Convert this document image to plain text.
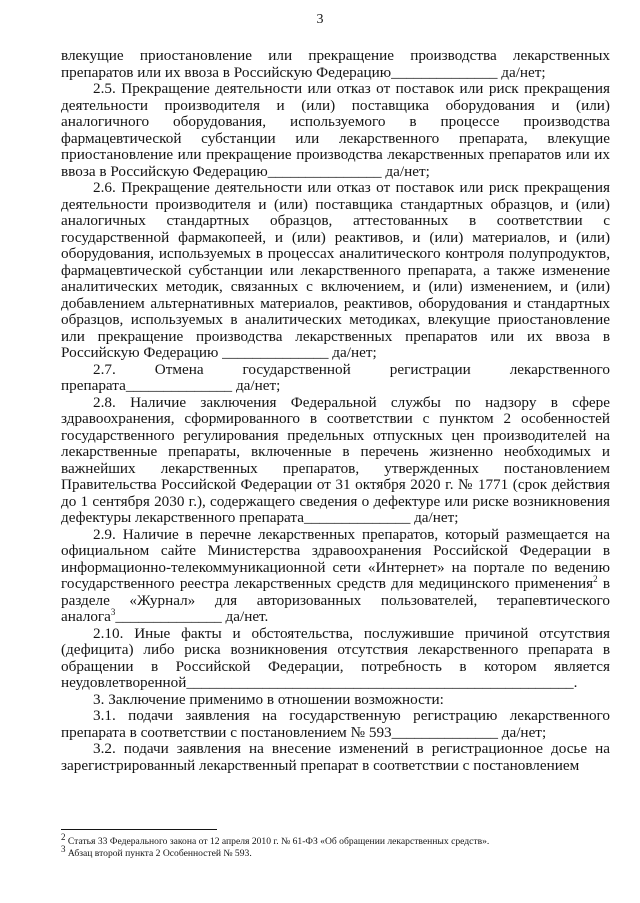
3

влекущие приостановление или прекращение производства лекарственных препаратов или их ввоза в Российскую Федерацию______________ да/нет;

2.5. Прекращение деятельности или отказ от поставок или риск прекращения деятельности производителя и (или) поставщика оборудования и (или) аналогичного оборудования, используемого в процессе производства фармацевтической субстанции или лекарственного препарата, влекущие приостановление или прекращение производства лекарственных препаратов или их ввоза в Российскую Федерацию_______________ да/нет;

2.6. Прекращение деятельности или отказ от поставок или риск прекращения деятельности производителя и (или) поставщика стандартных образцов, и (или) аналогичных стандартных образцов, аттестованных в соответствии с государственной фармакопеей, и (или) реактивов, и (или) материалов, и (или) оборудования, используемых в процессах аналитического контроля полупродуктов, фармацевтической субстанции или лекарственного препарата, а также изменение аналитических методик, связанных с включением, и (или) изменением, и (или) добавлением альтернативных материалов, реактивов, оборудования и стандартных образцов, используемых в аналитических методиках, влекущие приостановление или прекращение производства лекарственных препаратов или их ввоза в Российскую Федерацию ______________ да/нет;

2.7. Отмена государственной регистрации лекарственного препарата______________ да/нет;

2.8. Наличие заключения Федеральной службы по надзору в сфере здравоохранения, сформированного в соответствии с пунктом 2 особенностей государственного регулирования предельных отпускных цен производителей на лекарственные препараты, включенные в перечень жизненно необходимых и важнейших лекарственных препаратов, утвержденных постановлением Правительства Российской Федерации от 31 октября 2020 г. № 1771 (срок действия до 1 сентября 2030 г.), содержащего сведения о дефектуре или риске возникновения дефектуры лекарственного препарата______________ да/нет;

2.9. Наличие в перечне лекарственных препаратов, который размещается на официальном сайте Министерства здравоохранения Российской Федерации в информационно-телекоммуникационной сети «Интернет» на портале по ведению государственного реестра лекарственных средств для медицинского применения$^2$ в разделе «Журнал» для авторизованных пользователей, терапевтического аналога$^3$______________ да/нет.

2.10. Иные факты и обстоятельства, послужившие причиной отсутствия (дефицита) либо риска возникновения отсутствия лекарственного препарата в обращении в Российской Федерации, потребность в котором является неудовлетворенной___________________________________________________.

3. Заключение применимо в отношении возможности:

3.1. подачи заявления на государственную регистрацию лекарственного препарата в соответствии с постановлением № 593______________ да/нет;

3.2. подачи заявления на внесение изменений в регистрационное досье на зарегистрированный лекарственный препарат в соответствии с постановлением

$^2$ Статья 33 Федерального закона от 12 апреля 2010 г. № 61-ФЗ «Об обращении лекарственных средств».

$^3$ Абзац второй пункта 2 Особенностей № 593.
